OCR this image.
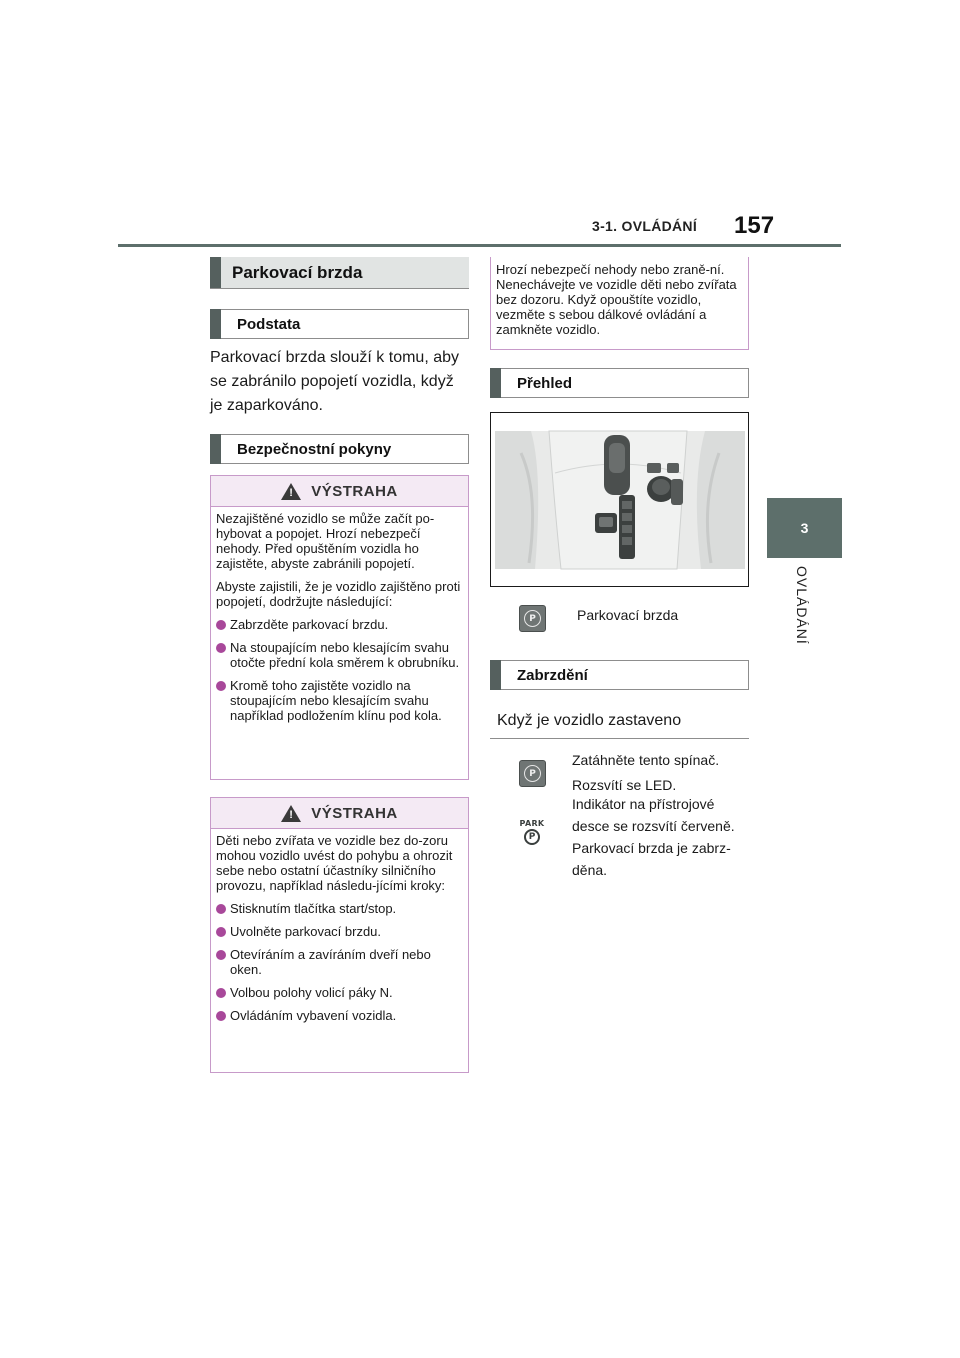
3-1. OVLÁDÁNÍ 157
3
OVLÁDÁNÍ
Parkovací brzda
Podstata
Parkovací brzda slouží k tomu, aby se zabránilo popojetí vozidla, když je zaparkováno.
Bezpečnostní pokyny
! VÝSTRAHA

Nezajištěné vozidlo se může začít po-hybovat a popojet. Hrozí nebezpečí nehody. Před opuštěním vozidla ho zajistěte, abyste zabránili popojetí.

Abyste zajistili, že je vozidlo zajištěno proti popojetí, dodržujte následující:

Zabrzděte parkovací brzdu.
Na stoupajícím nebo klesajícím svahu otočte přední kola směrem k obrubníku.
Kromě toho zajistěte vozidlo na stoupajícím nebo klesajícím svahu například podložením klínu pod kola.
! VÝSTRAHA

Děti nebo zvířata ve vozidle bez do-zoru mohou vozidlo uvést do pohybu a ohrozit sebe nebo ostatní účastníky silničního provozu, například následu-jícími kroky:

Stisknutím tlačítka start/stop.
Uvolněte parkovací brzdu.
Otevíráním a zavíráním dveří nebo oken.
Volbou polohy volicí páky N.
Ovládáním vybavení vozidla.
Hrozí nebezpečí nehody nebo zraně-ní. Nenechávejte ve vozidle děti nebo zvířata bez dozoru. Když opouštíte vozidlo, vezměte s sebou dálkové ovládání a zamkněte vozidlo.
Přehled
P	Parkovací brzda
Zabrzdění
Když je vozidlo zastaveno
P
PARK
P
Zatáhněte tento spínač.
Rozsvítí se LED.
Indikátor na přístrojové desce se rozsvítí červeně.
Parkovací brzda je zabrz-děna.
